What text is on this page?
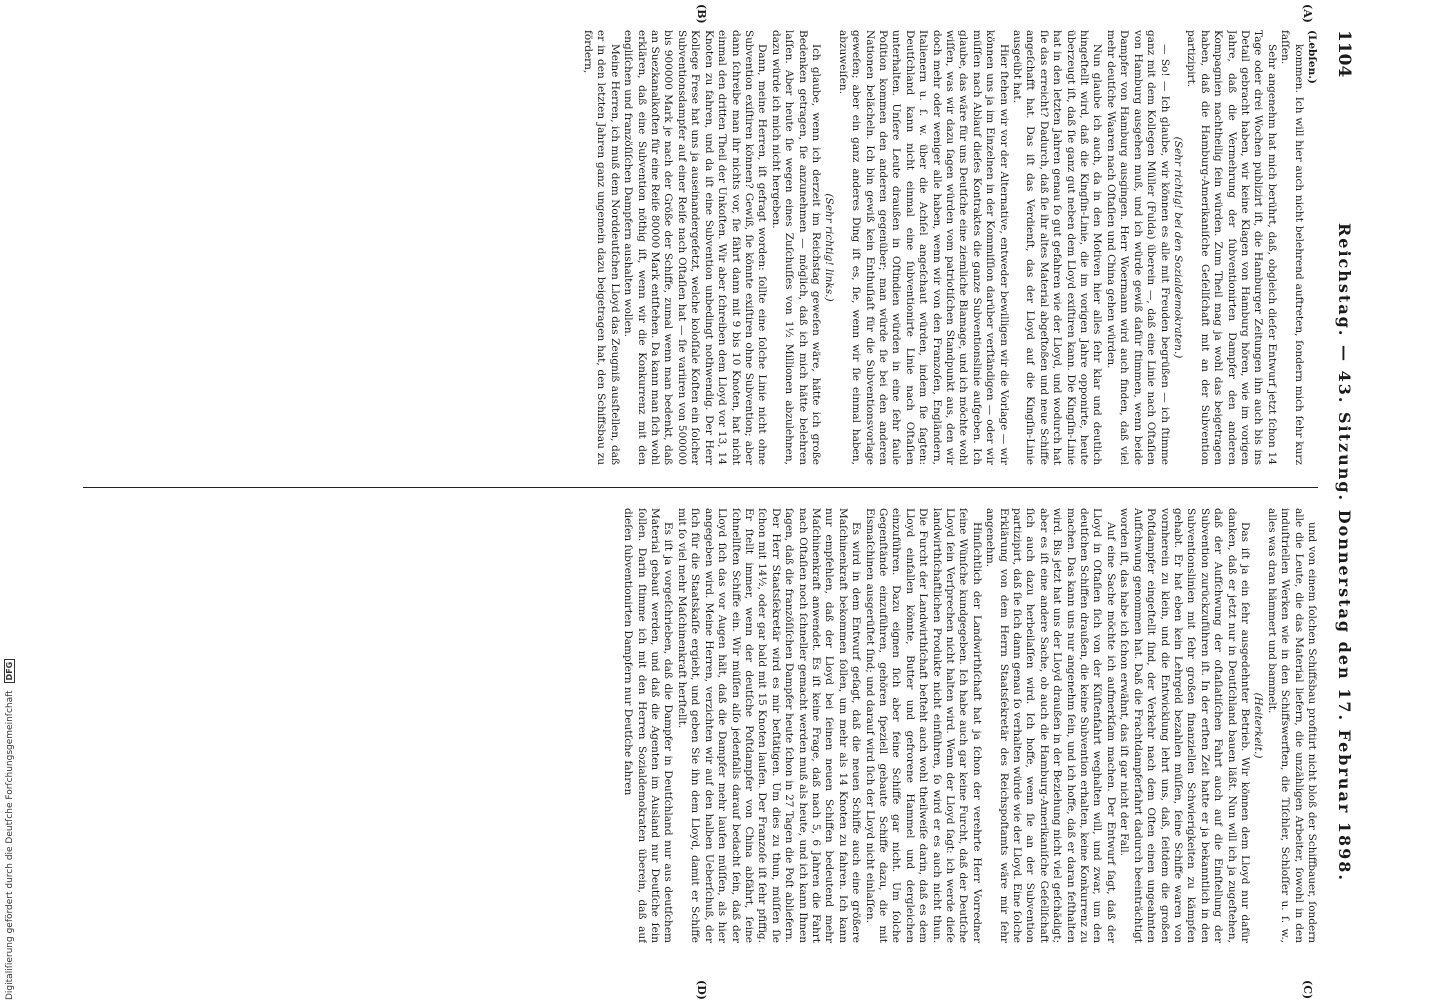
1104
Reichstag. — 43. Sitzung. Donnerstag den 17. Februar 1898.
(A)
(B)
(C)
(D)

(Lebſen.)

kommen. Ich will hier auch nicht belehrend auftreten, ſondern mich ſehr kurz faſſen.

Sehr angenehm hat mich berührt, daß, obgleich dieſer Entwurf jetzt ſchon 14 Tage oder drei Wochen publizirt iſt, die Hamburger Zeitungen ihn auch bis ins Detail gebracht haben, wir keine Klagen von Hamburg hören, wie im vorigen Jahre, daß die Vermehrung der ſubventionirten Dampfer den anderen Kompagnien nachtheilig ſein würden. Zum Theil mag ja wohl das beigetragen haben, daß die Hamburg-Amerikaniſche Geſellſchaft mit an der Subvention partizipirt.

(Sehr richtig! bei den Sozialdemokraten.)

— So! — Ich glaube, wir können es alle mit Freuden begrüßen — ich ſtimme ganz mit dem Kollegen Müller (Fulda) überein —, daß eine Linie nach Oſtaſien von Hamburg ausgehen muß, und ich würde gewiß dafür ſtimmen, wenn beide Dampfer von Hamburg ausgingen. Herr Woermann wird auch finden, daß viel mehr deutſche Waaren nach Oſtaſien und China gehen würden.

Nun glaube ich auch, da in den Motiven hier alles ſehr klar und deutlich hingeſtellt wird, daß die Kingſin-Linie, die im vorigen Jahre opponirte, heute überzeugt iſt, daß ſie ganz gut neben dem Lloyd exiſtiren kann. Die Kingſin-Linie hat in den letzten Jahren genau ſo gut gefahren wie der Lloyd, und wodurch hat ſie das erreicht? Dadurch, daß ſie ihr altes Material abgeſtoßen und neue Schiffe angeſchafft hat. Das iſt das Verdienſt, das der Lloyd auf die Kingſin-Linie ausgeübt hat.

Hier ſtehen wir vor der Alternative, entweder bewilligen wir die Vorlage — wir können uns ja im Einzelnen in der Kommiſſion darüber verſtändigen — oder wir müſſen nach Ablauf dieſes Kontraktes die ganze Subventionslinie aufgeben. Ich glaube, das wäre für uns Deutſche eine ziemliche Blamage, und ich möchte wohl wiſſen, was wir dazu ſagen würden vom patriotiſchen Standpunkt aus, den wir doch mehr oder weniger alle haben, wenn wir von den Franzoſen, Engländern, Italienern u. ſ. w. über die Achſel angeſchaut würden, indem ſie ſagten: Deutſchland kann nicht einmal eine ſubventionirte Linie nach Oſtaſien unterhalten. Unſere Leute draußen in Oſtindien würden in eine ſehr faule Poſition kommen den anderen gegenüber; man würde ſie bei den anderen Nationen belächeln. Ich bin gewiß kein Enthuſiaſt für die Subventionsvorlage geweſen; aber ein ganz anderes Ding iſt es, ſie, wenn wir ſie einmal haben, abzuweiſen.

(Sehr richtig! links.)

Ich glaube, wenn ich derzeit im Reichstag geweſen wäre, hätte ich große Bedenken getragen, ſie anzunehmen — möglich, daß ich mich hätte belehren laſſen. Aber heute ſie wegen eines Zuſchuſſes von 1½ Millionen abzulehnen, dazu würde ich mich nicht hergeben.

Dann, meine Herren, iſt gefragt worden: ſollte eine ſolche Linie nicht ohne Subvention exiſtiren können? Gewiß, ſie könnte exiſtiren ohne Subvention; aber dann ſchreibe man ihr nichts vor, ſie fährt dann mit 9 bis 10 Knoten, hat nicht einmal den dritten Theil der Unkoſten. Wir aber ſchreiben dem Lloyd vor 13, 14 Knoten zu fahren, und da iſt eine Subvention unbedingt nothwendig. Der Herr Kollege Frese hat uns ja auseinandergeſetzt, welche koloſſale Koſten ein ſolcher Subventionsdampfer auf einer Reiſe nach Oſtaſien hat — ſie variiren von 500000 bis 900000 Mark je nach der Größe der Schiffe, zumal wenn man bedenkt, daß an Suezkanalkoſten für eine Reiſe 80000 Mark entſtehen. Da kann man ſich wohl erklären, daß eine Subvention nöthig iſt, wenn wir die Konkurrenz mit den engliſchen und franzöſiſchen Dampfern aushalten wollen.

Meine Herren, ich muß dem Norddeutſchen Lloyd das Zeugniß ausſtellen, daß er in den letzten Jahren ganz ungemein dazu beigetragen hat, den Schiffsbau zu fördern,

und von einem ſolchen Schiffsbau profitirt nicht bloß der Schiffbauer, ſondern alle die Leute, die das Material liefern, die unzähligen Arbeiter, ſowohl in den induſtriellen Werken wie in den Schiffswerften, die Tiſchler, Schloſſer u. ſ. w., alles was dran hämmert und bammelt.

(Heiterkeit.)

Das iſt ja ein ſehr ausgedehnter Betrieb. Wir können dem Lloyd nur dafür danken, daß er jetzt nur in Deutſchland bauen läßt. Nun will ich ja zugeſtehen, daß der Aufſchwung der oſtaſiatiſchen Fahrt auch auf die Einſtellung der Subvention zurückzuführen iſt. In der erſten Zeit hatte er ja bekanntlich in den Subventionslinien mit ſehr großen finanziellen Schwierigkeiten zu kämpfen gehabt. Er hat eben kein Lehrgeld bezahlen müſſen, ſeine Schiffe waren von vornherein zu klein, und die Entwicklung lehrt uns, daß, ſeitdem die großen Poſtdampfer eingeſtellt ſind, der Verkehr nach dem Oſten einen ungeahnten Aufſchwung genommen hat. Daß die Frachtdampferfahrt dadurch beeinträchtigt worden iſt, das habe ich ſchon erwähnt, das iſt gar nicht der Fall.

Auf eine Sache möchte ich aufmerkſam machen. Der Entwurf ſagt, daß der Lloyd in Oſtaſien ſich von der Küſtenfahrt weghalten will, und zwar, um den deutſchen Schiffen draußen, die keine Subvention erhalten, keine Konkurrenz zu machen. Das kann uns nur angenehm ſein, und ich hoffe, daß er daran feſthalten wird. Bis jetzt hat uns der Lloyd draußen in der Beziehung nicht viel geſchädigt; aber es iſt eine andere Sache, ob auch die Hamburg-Amerikaniſche Geſellſchaft ſich auch dazu herbeilaſſen wird. Ich hoffe, wenn ſie an der Subvention partizipirt, daß ſie ſich dann genau ſo verhalten würde wie der Lloyd. Eine ſolche Erklärung von dem Herrn Staatsſekretär des Reichspoſtamts wäre mir ſehr angenehm.

Hinſichtlich der Landwirthſchaft hat ja ſchon der verehrte Herr Vorredner ſeine Wünſche kundgegeben. Ich habe auch gar keine Furcht, daß der Deutſche Lloyd ſein Verſprechen nicht halten wird. Wenn der Lloyd ſagt: ich werde dieſe landwirthſchaftlichen Produkte nicht einführen, ſo wird er es auch nicht thun. Die Furcht der Landwirthſchaft beſteht auch wohl theilweiſe darin, daß es dem Lloyd einfallen könnte, Butter und gefrorene Hammel und dergleichen einzuführen. Dazu eignen ſich aber feine Schiffe gar nicht. Um ſolche Gegenſtände einzuführen, gehören ſpeziell gebaute Schiffe dazu, die mit Eismaſchinen ausgerüſtet ſind; und darauf wird ſich der Lloyd nicht einlaſſen.

Es wird in dem Entwurf geſagt, daß die neuen Schiffe auch eine größere Maſchinenkraft bekommen ſollen, um mehr als 14 Knoten zu fahren. Ich kann nur empfehlen, daß der Lloyd bei ſeinen neuen Schiffen bedeutend mehr Maſchinenkraft anwendet. Es iſt keine Frage, daß nach 5, 6 Jahren die Fahrt nach Oſtaſien noch ſchneller gemacht werden muß als heute, und ich kann Ihnen ſagen, daß die franzöſiſchen Dampfer heute ſchon in 27 Tagen die Poſt abliefern. Der Herr Staatsſekretär wird es mir beſtätigen. Um dies zu thun, müſſen ſie ſchon mit 14½, oder gar bald mit 15 Knoten laufen. Der Franzoſe iſt ſehr pfiffig. Er ſtellt immer, wenn der deutſche Poſtdampfer von China abfährt, ſeine ſchnellſten Schiffe ein. Wir müſſen alſo jedenfalls darauf bedacht ſein, daß der Lloyd ſich das vor Augen hält, daß die Dampfer mehr laufen müſſen, als hier angegeben wird. Meine Herren, verzichten wir auf den halben Ueberſchuß, der ſich für die Staatskaſſe ergiebt, und geben Sie ihn dem Lloyd, damit er Schiffe mit ſo viel mehr Maſchinenkraft herſtellt.

Es iſt ja vorgeſchrieben, daß die Dampfer in Deutſchland nur aus deutſchem Material gebaut werden, und daß die Agenten im Ausland nur Deutſche ſein ſollen. Darin ſtimme ich mit den Herren Sozialdemokraten überein, daß auf dieſen ſubventionirten Dampfern nur Deutſche fahren

Digitaliſierung gefördert durch die Deutſche Forſchungsgemeinſchaft DFG
